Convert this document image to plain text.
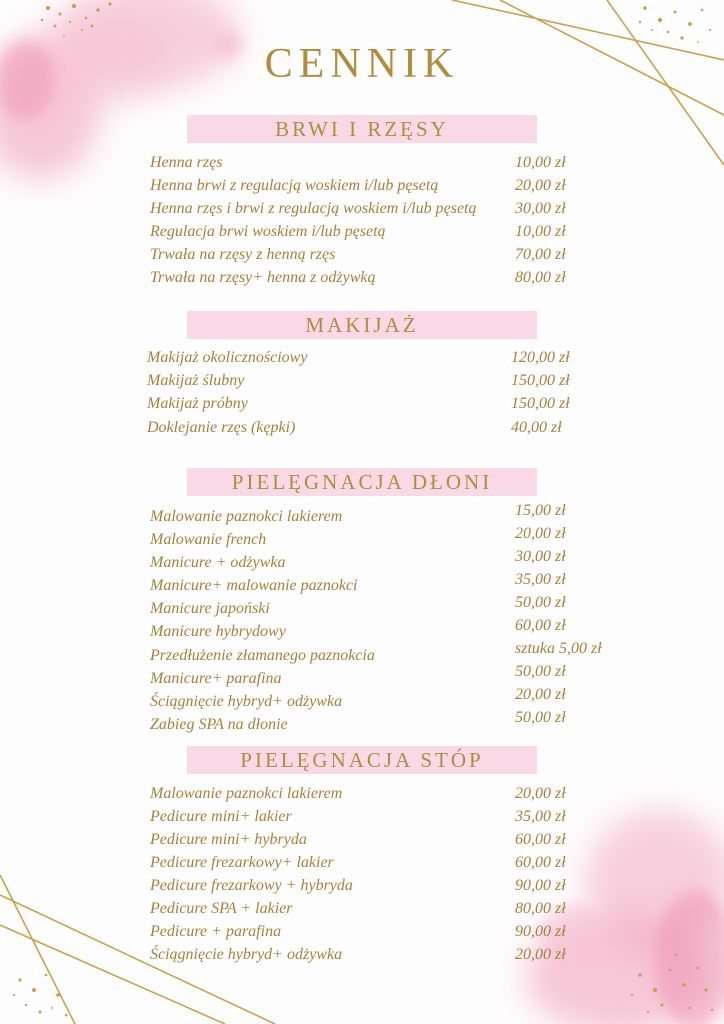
CENNIK
BRWI I RZĘSY
Henna rzęs	10,00 zł
Henna brwi z regulacją woskiem i/lub pęsetą	20,00 zł
Henna rzęs i brwi z regulacją woskiem i/lub pęsetą 30,00 zł
Regulacja brwi woskiem i/lub pęsetą	10,00 zł
Trwała na rzęsy z henną rzęs	70,00 zł
Trwała na rzęsy+ henna z odżywką	80,00 zł
MAKIJAŻ
Makijaż okolicznościowy	120,00 zł
Makijaż ślubny	150,00 zł
Makijaż próbny	150,00 zł
Doklejanie rzęs (kępki)	40,00 zł
PIELĘGNACJA DŁONI
Malowanie paznokci lakierem	15,00 zł
Malowanie french	20,00 zł
Manicure + odżywka	30,00 zł
Manicure+ malowanie paznokci	35,00 zł
Manicure japoński	50,00 zł
Manicure hybrydowy	60,00 zł
Przedłużenie złamanego paznokcia	sztuka 5,00 zł
Manicure+ parafina	50,00 zł
Ściągnięcie hybryd+ odżywka	20,00 zł
Zabieg SPA na dłonie	50,00 zł
PIELĘGNACJA STÓP
Malowanie paznokci lakierem	20,00 zł
Pedicure mini+ lakier	35,00 zł
Pedicure mini+ hybryda	60,00 zł
Pedicure frezarkowy+ lakier	60,00 zł
Pedicure frezarkowy + hybryda	90,00 zł
Pedicure SPA + lakier	80,00 zł
Pedicure + parafina	90,00 zł
Ściągnięcie hybryd+ odżywka	20,00 zł
